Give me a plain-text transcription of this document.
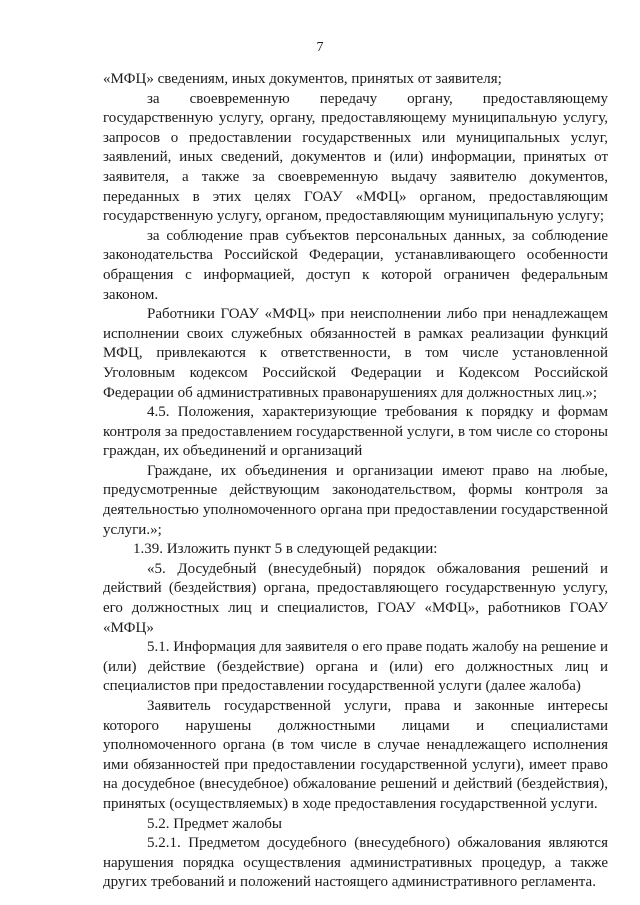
7

«МФЦ» сведениям, иных документов, принятых от заявителя;

за своевременную передачу органу, предоставляющему государственную услугу, органу, предоставляющему муниципальную услугу, запросов о предоставлении государственных или муниципальных услуг, заявлений, иных сведений, документов и (или) информации, принятых от заявителя, а также за своевременную выдачу заявителю документов, переданных в этих целях ГОАУ «МФЦ» органом, предоставляющим государственную услугу, органом, предоставляющим муниципальную услугу;

за соблюдение прав субъектов персональных данных, за соблюдение законодательства Российской Федерации, устанавливающего особенности обращения с информацией, доступ к которой ограничен федеральным законом.

Работники ГОАУ «МФЦ» при неисполнении либо при ненадлежащем исполнении своих служебных обязанностей в рамках реализации функций МФЦ, привлекаются к ответственности, в том числе установленной Уголовным кодексом Российской Федерации и Кодексом Российской Федерации об административных правонарушениях для должностных лиц.»;

4.5. Положения, характеризующие требования к порядку и формам контроля за предоставлением государственной услуги, в том числе со стороны граждан, их объединений и организаций

Граждане, их объединения и организации имеют право на любые, предусмотренные действующим законодательством, формы контроля за деятельностью уполномоченного органа при предоставлении государственной услуги.»;

1.39. Изложить пункт 5 в следующей редакции:

«5. Досудебный (внесудебный) порядок обжалования решений и действий (бездействия) органа, предоставляющего государственную услугу, его должностных лиц и специалистов, ГОАУ «МФЦ», работников ГОАУ «МФЦ»

5.1. Информация для заявителя о его праве подать жалобу на решение и (или) действие (бездействие) органа и (или) его должностных лиц и специалистов при предоставлении государственной услуги (далее жалоба)

Заявитель государственной услуги, права и законные интересы которого нарушены должностными лицами и специалистами уполномоченного органа (в том числе в случае ненадлежащего исполнения ими обязанностей при предоставлении государственной услуги), имеет право на досудебное (внесудебное) обжалование решений и действий (бездействия), принятых (осуществляемых) в ходе предоставления государственной услуги.

5.2. Предмет жалобы

5.2.1. Предметом досудебного (внесудебного) обжалования являются нарушения порядка осуществления административных процедур, а также других требований и положений настоящего административного регламента.
